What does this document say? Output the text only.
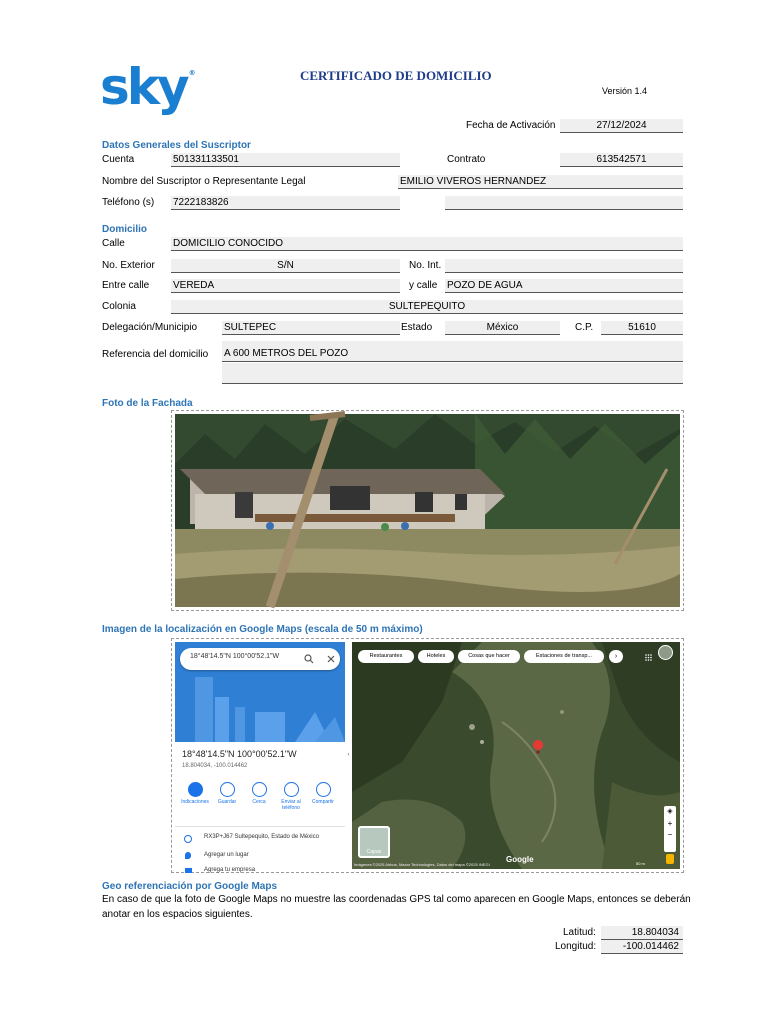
sky ®	CERTIFICADO DE DOMICILIO
Versión 1.4
Fecha de Activación	27/12/2024
Datos Generales del Suscriptor
Cuenta	501331133501	Contrato	613542571
Nombre del Suscriptor o Representante Legal	EMILIO VIVEROS HERNANDEZ
Teléfono (s) 7222183826
Domicilio
Calle	DOMICILIO CONOCIDO
No. Exterior	S/N	No. Int.
Entre calle VEREDA	y calle POZO DE AGUA
Colonia	SULTEPEQUITO
Delegación/Municipio	SULTEPEC	Estado	México	C.P.	51610
Referencia del domicilio A 600 METROS DEL POZO
Foto de la Fachada
Imagen de la localización en Google Maps (escala de 50 m máximo)
18°48'14.5"N 100°00'52.1"W
18°48'14.5"N 100°00'52.1"W
18.804034, -100.014462
Indicaciones	Guardar	Cerca	Enviar al teléfono
Compartir
RX3P+J67 Sultepequito, Estado de México
Agregar un lugar
Agrega tu empresa
‹
Restaurantes	Hoteles	Cosas que hacer	Estaciones de transp...	›
Capas
◈
+
−
Imágenes ©2025 Airbus, Maxar Technologies, Datos del mapa ©2025 INEGI
Google	50 m
Geo referenciación por Google Maps
En caso de que la foto de Google Maps no muestre las coordenadas GPS tal como aparecen en Google Maps, entonces se deberán anotar en los espacios siguientes.
Latitud:	18.804034
Longitud:	-100.014462
